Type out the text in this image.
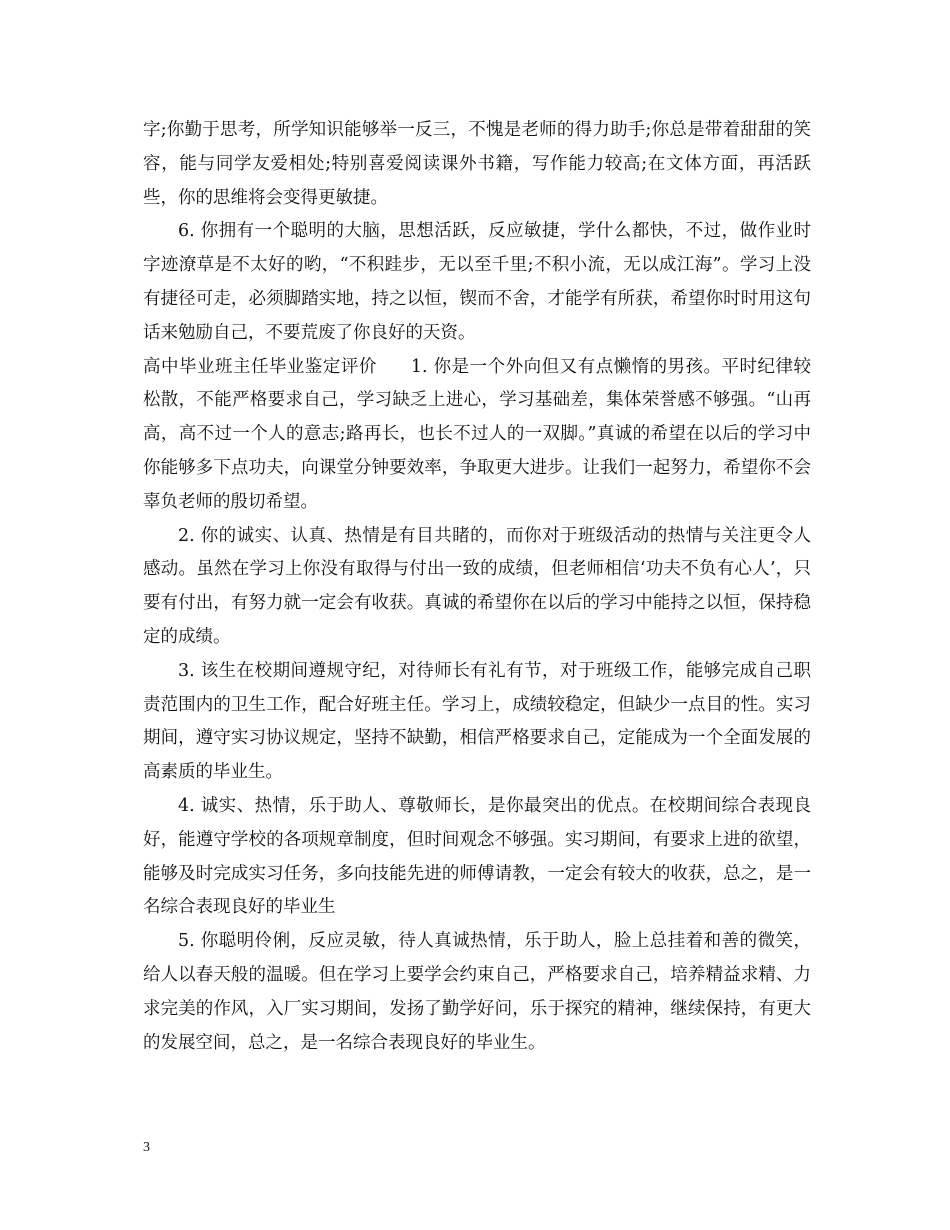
字;你勤于思考，所学知识能够举一反三，不愧是老师的得力助手;你总是带着甜甜的笑容，能与同学友爱相处;特别喜爱阅读课外书籍，写作能力较高;在文体方面，再活跃些，你的思维将会变得更敏捷。

6. 你拥有一个聪明的大脑，思想活跃，反应敏捷，学什么都快，不过，做作业时字迹潦草是不太好的哟，“不积跬步，无以至千里;不积小流，无以成江海”。学习上没有捷径可走，必须脚踏实地，持之以恒，锲而不舍，才能学有所获，希望你时时用这句话来勉励自己，不要荒废了你良好的天资。

高中毕业班主任毕业鉴定评价 1. 你是一个外向但又有点懒惰的男孩。平时纪律较松散，不能严格要求自己，学习缺乏上进心，学习基础差，集体荣誉感不够强。“山再高，高不过一个人的意志;路再长，也长不过人的一双脚。”真诚的希望在以后的学习中你能够多下点功夫，向课堂分钟要效率，争取更大进步。让我们一起努力，希望你不会辜负老师的殷切希望。

2. 你的诚实、认真、热情是有目共睹的，而你对于班级活动的热情与关注更令人感动。虽然在学习上你没有取得与付出一致的成绩，但老师相信‘功夫不负有心人’，只要有付出，有努力就一定会有收获。真诚的希望你在以后的学习中能持之以恒，保持稳定的成绩。

3. 该生在校期间遵规守纪，对待师长有礼有节，对于班级工作，能够完成自己职责范围内的卫生工作，配合好班主任。学习上，成绩较稳定，但缺少一点目的性。实习期间，遵守实习协议规定，坚持不缺勤，相信严格要求自己，定能成为一个全面发展的高素质的毕业生。

4. 诚实、热情，乐于助人、尊敬师长，是你最突出的优点。在校期间综合表现良好，能遵守学校的各项规章制度，但时间观念不够强。实习期间，有要求上进的欲望，能够及时完成实习任务，多向技能先进的师傅请教，一定会有较大的收获，总之，是一名综合表现良好的毕业生

5. 你聪明伶俐，反应灵敏，待人真诚热情，乐于助人，脸上总挂着和善的微笑，给人以春天般的温暖。但在学习上要学会约束自己，严格要求自己，培养精益求精、力求完美的作风，入厂实习期间，发扬了勤学好问，乐于探究的精神，继续保持，有更大的发展空间，总之，是一名综合表现良好的毕业生。

3
